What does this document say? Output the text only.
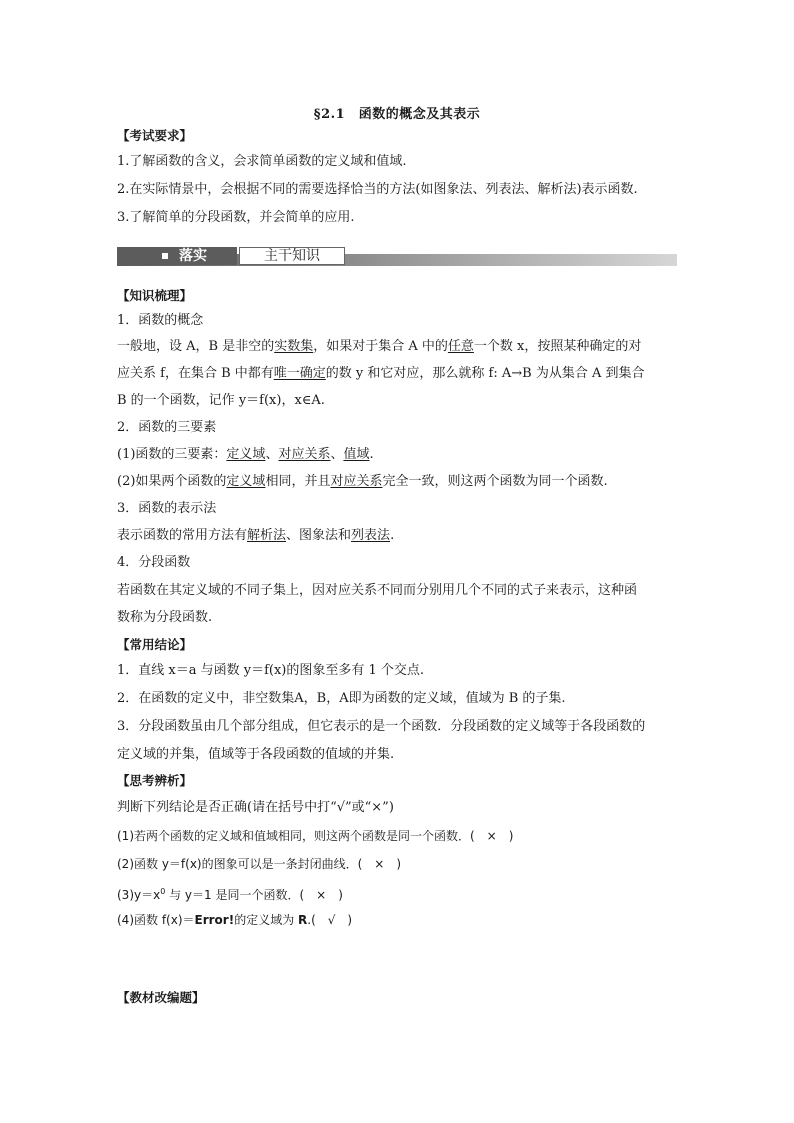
§2.1　函数的概念及其表示
【考试要求】
1.了解函数的含义，会求简单函数的定义域和值域.
2.在实际情景中，会根据不同的需要选择恰当的方法(如图象法、列表法、解析法)表示函数.
3.了解简单的分段函数，并会简单的应用.
落实	主干知识
【知识梳理】
1．函数的概念
一般地，设 A，B 是非空的实数集，如果对于集合 A 中的任意一个数 x，按照某种确定的对
应关系 f，在集合 B 中都有唯一确定的数 y 和它对应，那么就称 f: A→B 为从集合 A 到集合
B 的一个函数，记作 y＝f(x)，x∈A.
2．函数的三要素
(1)函数的三要素：定义域、对应关系、值域.
(2)如果两个函数的定义域相同，并且对应关系完全一致，则这两个函数为同一个函数.
3．函数的表示法
表示函数的常用方法有解析法、图象法和列表法.
4．分段函数
若函数在其定义域的不同子集上，因对应关系不同而分别用几个不同的式子来表示，这种函
数称为分段函数.
【常用结论】
1．直线 x＝a 与函数 y＝f(x)的图象至多有 1 个交点.
2．在函数的定义中，非空数集A，B，A即为函数的定义域，值域为 B 的子集.
3．分段函数虽由几个部分组成，但它表示的是一个函数．分段函数的定义域等于各段函数的
定义域的并集，值域等于各段函数的值域的并集.
【思考辨析】
判断下列结论是否正确(请在括号中打“√”或“×”)
(1)若两个函数的定义域和值域相同，则这两个函数是同一个函数．(　×　)
(2)函数 y＝f(x)的图象可以是一条封闭曲线．(　×　)
$(3)y=x^0$ 与 y＝1 是同一个函数．(　×　)
(4)函数 f(x)＝Error!的定义域为 R.(　√　)
【教材改编题】
